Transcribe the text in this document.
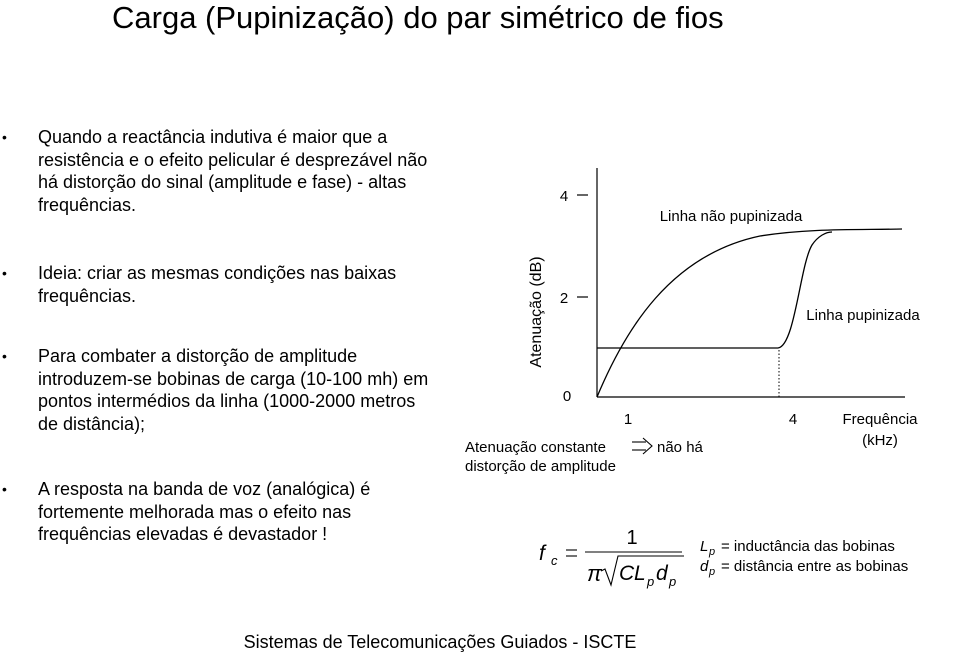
Carga (Pupinização) do par simétrico de fios
• Quando a reactância indutiva é maior que a resistência e o efeito pelicular é desprezável não há distorção do sinal (amplitude e fase) - altas frequências.
• Ideia: criar as mesmas condições nas baixas frequências.
• Para combater a distorção de amplitude introduzem-se bobinas de carga (10-100 mh) em pontos intermédios da linha (1000-2000 metros de distância);
• A resposta na banda de voz (analógica) é fortemente melhorada mas o efeito nas frequências elevadas é devastador !
Atenuação (dB)
4
2
0
1	4	Frequência
(kHz)
Linha não pupinizada
Linha pupinizada
Atenuação constante	não há
distorção de amplitude
f c
1
π C L p d p
L p = inductância das bobinas
d p = distância entre as bobinas
Sistemas de Telecomunicações Guiados - ISCTE
